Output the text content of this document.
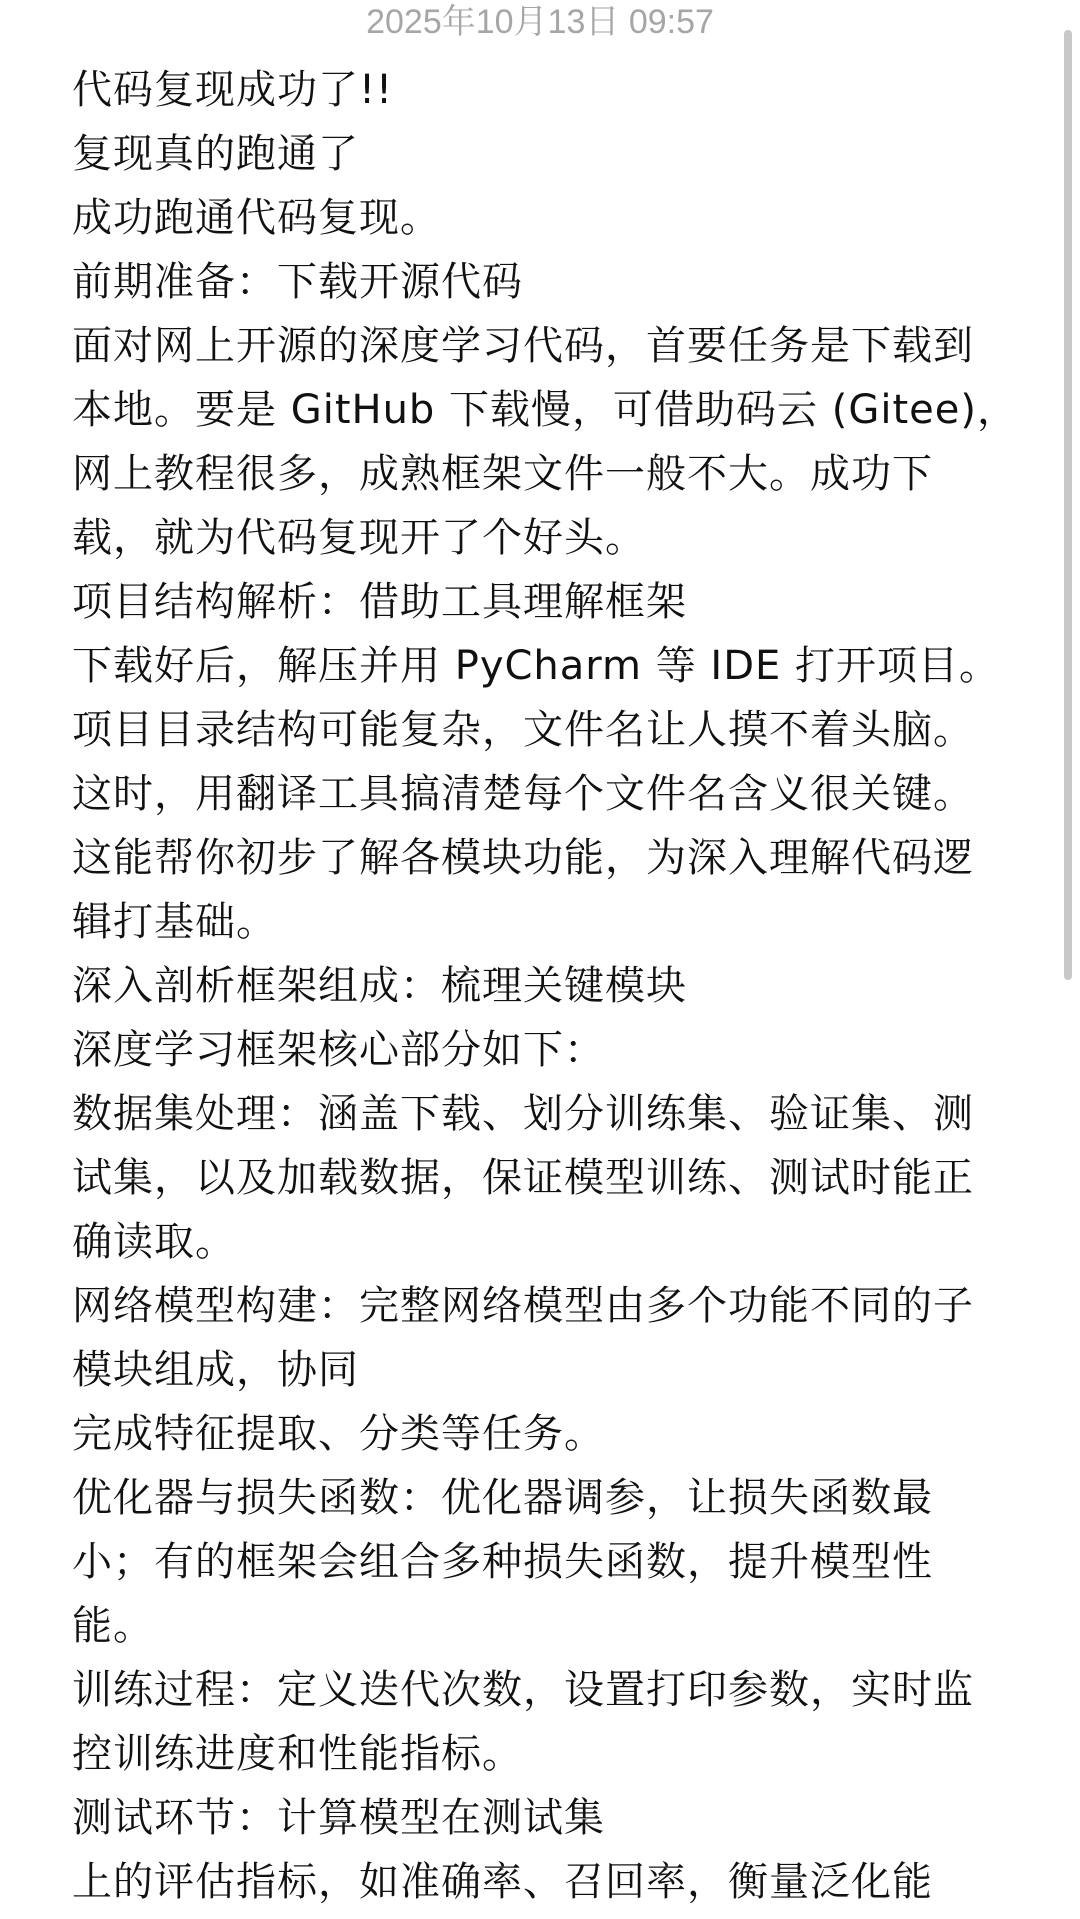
2025年10月13日 09:57
代码复现成功了!!
复现真的跑通了
成功跑通代码复现。
前期准备：下载开源代码
面对网上开源的深度学习代码，首要任务是下载到
本地。要是 GitHub 下载慢，可借助码云 (Gitee)，
网上教程很多，成熟框架文件一般不大。成功下
载，就为代码复现开了个好头。
项目结构解析：借助工具理解框架
下载好后，解压并用 PyCharm 等 IDE 打开项目。
项目目录结构可能复杂，文件名让人摸不着头脑。
这时，用翻译工具搞清楚每个文件名含义很关键。
这能帮你初步了解各模块功能，为深入理解代码逻
辑打基础。
深入剖析框架组成：梳理关键模块
深度学习框架核心部分如下：
数据集处理：涵盖下载、划分训练集、验证集、测
试集，以及加载数据，保证模型训练、测试时能正
确读取。
网络模型构建：完整网络模型由多个功能不同的子
模块组成，协同
完成特征提取、分类等任务。
优化器与损失函数：优化器调参，让损失函数最
小；有的框架会组合多种损失函数，提升模型性
能。
训练过程：定义迭代次数，设置打印参数，实时监
控训练进度和性能指标。
测试环节：计算模型在测试集
上的评估指标，如准确率、召回率，衡量泛化能
